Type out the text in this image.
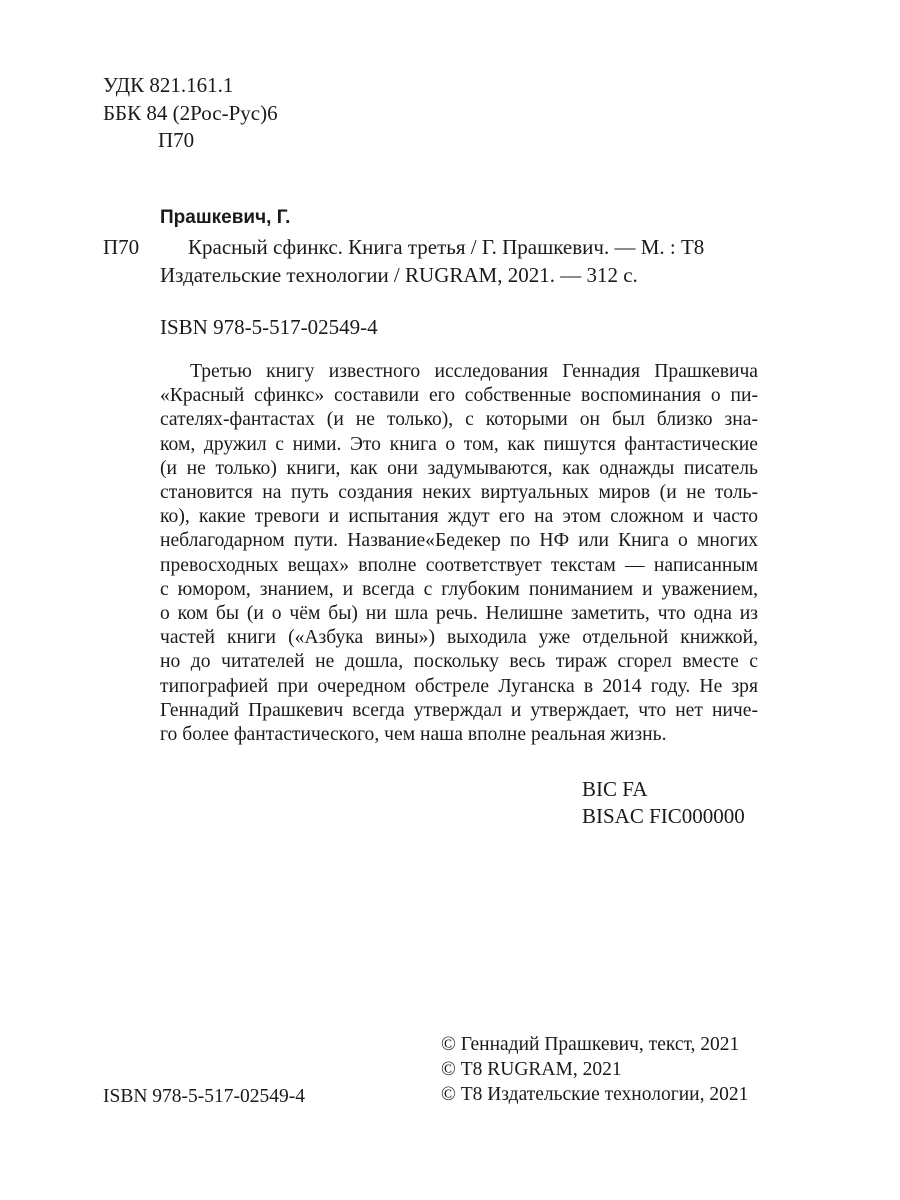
УДК 821.161.1
ББК 84 (2Рос-Рус)6
П70
Прашкевич, Г.
П70 Красный сфинкс. Книга третья / Г. Прашкевич. — М. : Т8
Издательские технологии / RUGRAM, 2021. — 312 с.
ISBN 978-5-517-02549-4
Третью книгу известного исследования Геннадия Прашкевича
«Красный сфинкс» составили его собственные воспоминания о пи-
сателях-фантастах (и не только), с которыми он был близко зна-
ком, дружил с ними. Это книга о том, как пишутся фантастические
(и не только) книги, как они задумываются, как однажды писатель
становится на путь создания неких виртуальных миров (и не толь-
ко), какие тревоги и испытания ждут его на этом сложном и часто
неблагодарном пути. Название«Бедекер по НФ или Книга о многих
превосходных вещах» вполне соответствует текстам — написанным
с юмором, знанием, и всегда с глубоким пониманием и уважением,
о ком бы (и о чём бы) ни шла речь. Нелишне заметить, что одна из
частей книги («Азбука вины») выходила уже отдельной книжкой,
но до читателей не дошла, поскольку весь тираж сгорел вместе с
типографией при очередном обстреле Луганска в 2014 году. Не зря
Геннадий Прашкевич всегда утверждал и утверждает, что нет ниче-
го более фантастического, чем наша вполне реальная жизнь.
BIC FA
BISAC FIC000000
ISBN 978-5-517-02549-4
© Геннадий Прашкевич, текст, 2021
© Т8 RUGRAM, 2021
© Т8 Издательские технологии, 2021
